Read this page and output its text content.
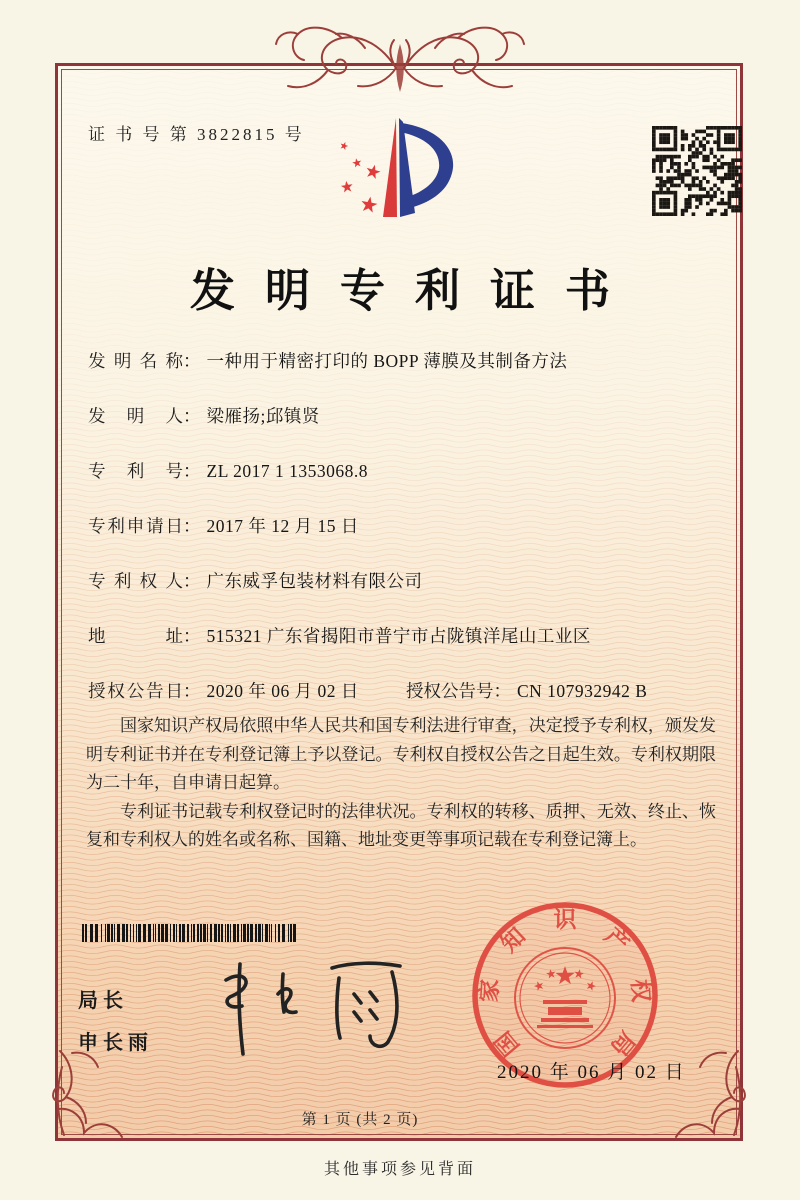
证 书 号 第 3822815 号
发明专利证书
发明名称： 一种用于精密打印的 BOPP 薄膜及其制备方法
发明人： 梁雁扬;邱镇贤
专利号： ZL 2017 1 1353068.8
专利申请日： 2017 年 12 月 15 日
专利权人： 广东威孚包装材料有限公司
地址： 515321 广东省揭阳市普宁市占陇镇洋尾山工业区
授权公告日： 2020 年 06 月 02 日	授权公告号： CN 107932942 B

国家知识产权局依照中华人民共和国专利法进行审查，决定授予专利权，颁发发明专利证书并在专利登记簿上予以登记。专利权自授权公告之日起生效。专利权期限为二十年，自申请日起算。

专利证书记载专利权登记时的法律状况。专利权的转移、质押、无效、终止、恢复和专利权人的姓名或名称、国籍、地址变更等事项记载在专利登记簿上。

局长
申长雨	国
家
知
识
产
权
局
2020 年 06 月 02 日
第 1 页 (共 2 页)
其他事项参见背面
